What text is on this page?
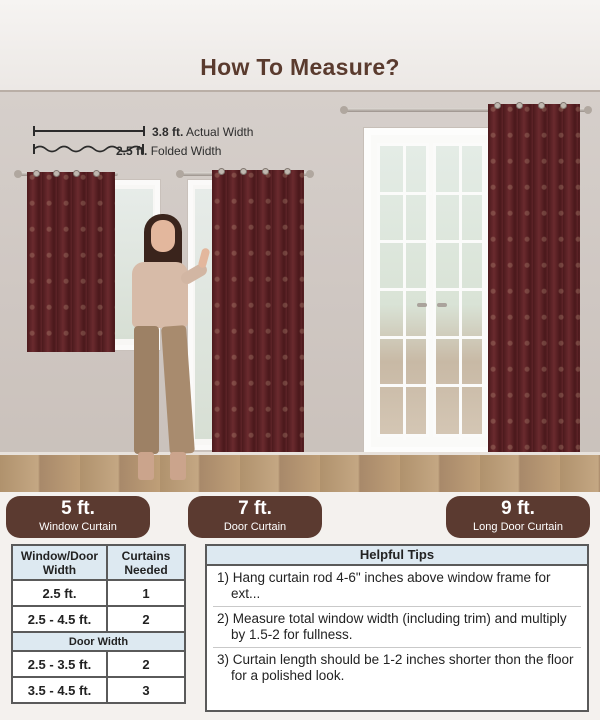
How To Measure?
3.8 ft. Actual Width
2.5 ft. Folded Width
5 ft.
Window Curtain
7 ft.
Door Curtain
9 ft.
Long Door Curtain
Window/Door Width	Curtains Needed
2.5 ft.	1
2.5 - 4.5 ft.	2
Door Width	
2.5 - 3.5 ft.	2
3.5 - 4.5 ft.	3
Helpful Tips
1) Hang curtain rod 4-6" inches above window frame for ext...
2) Measure total window width (including trim) and multiply by 1.5-2 for fullness.
3) Curtain length should be 1-2 inches shorter thon the floor for a polished look.
